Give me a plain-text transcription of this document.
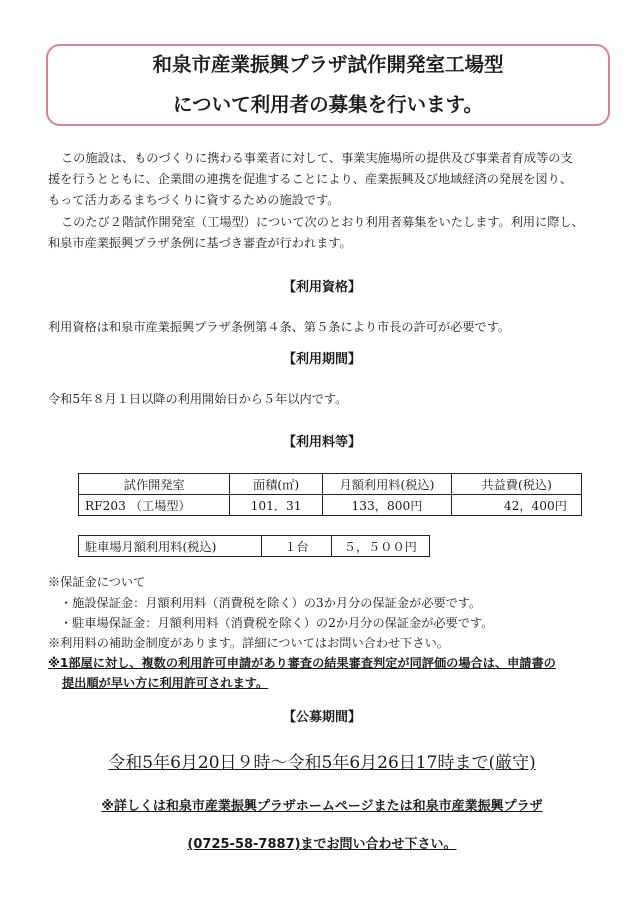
和泉市産業振興プラザ試作開発室工場型
について利用者の募集を行います。
この施設は、ものづくりに携わる事業者に対して、事業実施場所の提供及び事業者育成等の支
援を行うとともに、企業間の連携を促進することにより、産業振興及び地域経済の発展を図り、
もって活力あるまちづくりに資するための施設です。
このたび２階試作開発室（工場型）について次のとおり利用者募集をいたします。利用に際し、
和泉市産業振興プラザ条例に基づき審査が行われます。
【利用資格】
利用資格は和泉市産業振興プラザ条例第４条、第５条により市長の許可が必要です。
【利用期間】
令和5年８月１日以降の利用開始日から５年以内です。
【利用料等】
試作開発室	面積(㎡)	月額利用料(税込)	共益費(税込)
RF203 （工場型）	101．31	133，800円	42，400円
駐車場月額利用料(税込)	１台	５，５００円
※保証金について
・施設保証金：月額利用料（消費税を除く）の3か月分の保証金が必要です。
・駐車場保証金：月額利用料（消費税を除く）の2か月分の保証金が必要です。
※利用料の補助金制度があります。詳細についてはお問い合わせ下さい。
※1部屋に対し、複数の利用許可申請があり審査の結果審査判定が同評価の場合は、申請書の
提出順が早い方に利用許可されます。
【公募期間】
令和5年6月20日９時～令和5年6月26日17時まで(厳守)
※詳しくは和泉市産業振興プラザホームページまたは和泉市産業振興プラザ
(0725-58-7887)までお問い合わせ下さい。
